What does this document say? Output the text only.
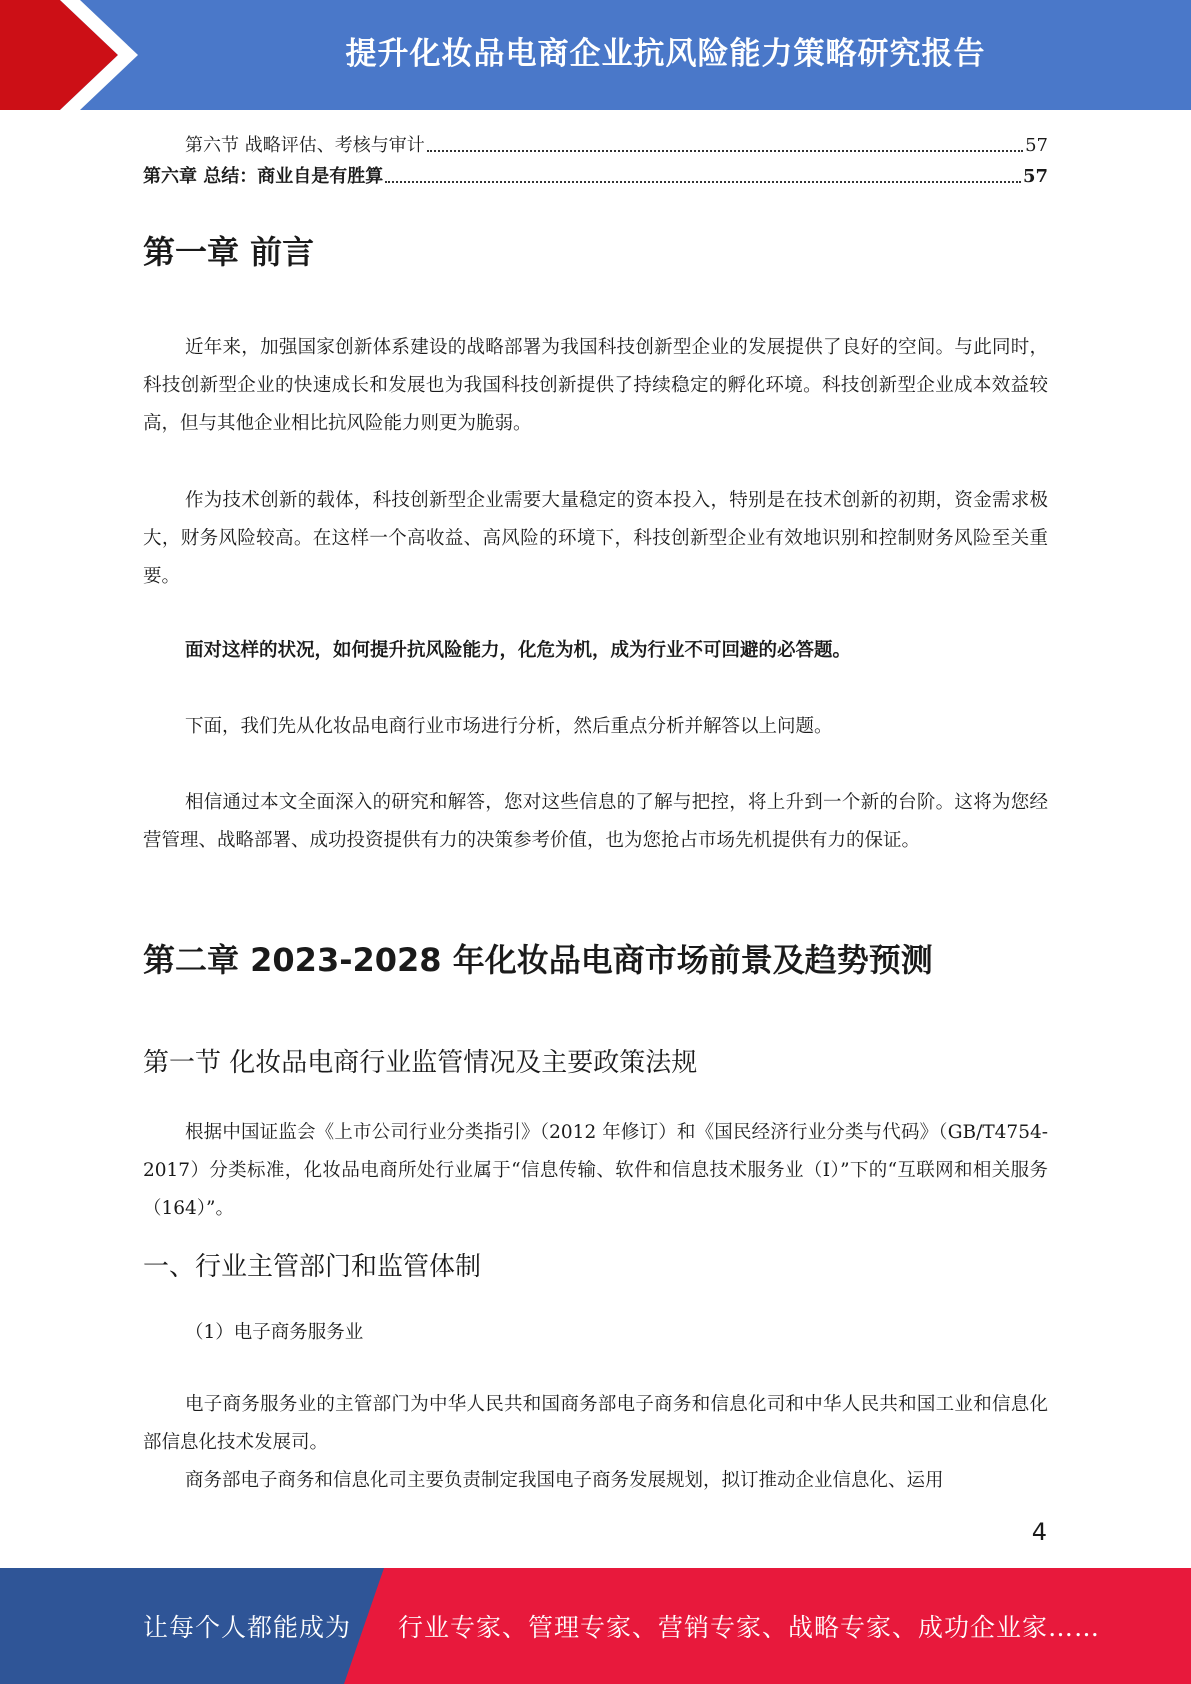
提升化妆品电商企业抗风险能力策略研究报告
第六节 战略评估、考核与审计	57
第六章 总结：商业自是有胜算	57
第一章 前言
近年来，加强国家创新体系建设的战略部署为我国科技创新型企业的发展提供了良好的空间。与此同时，科技创新型企业的快速成长和发展也为我国科技创新提供了持续稳定的孵化环境。科技创新型企业成本效益较高，但与其他企业相比抗风险能力则更为脆弱。
作为技术创新的载体，科技创新型企业需要大量稳定的资本投入，特别是在技术创新的初期，资金需求极大，财务风险较高。在这样一个高收益、高风险的环境下，科技创新型企业有效地识别和控制财务风险至关重要。
面对这样的状况，如何提升抗风险能力，化危为机，成为行业不可回避的必答题。
下面，我们先从化妆品电商行业市场进行分析，然后重点分析并解答以上问题。
相信通过本文全面深入的研究和解答，您对这些信息的了解与把控，将上升到一个新的台阶。这将为您经营管理、战略部署、成功投资提供有力的决策参考价值，也为您抢占市场先机提供有力的保证。
第二章 2023-2028 年化妆品电商市场前景及趋势预测
第一节 化妆品电商行业监管情况及主要政策法规
根据中国证监会《上市公司行业分类指引》（2012 年修订）和《国民经济行业分类与代码》（GB/T4754-2017）分类标准，化妆品电商所处行业属于“信息传输、软件和信息技术服务业（I）”下的“互联网和相关服务（164）”。
一、行业主管部门和监管体制
（1）电子商务服务业
电子商务服务业的主管部门为中华人民共和国商务部电子商务和信息化司和中华人民共和国工业和信息化部信息化技术发展司。
商务部电子商务和信息化司主要负责制定我国电子商务发展规划，拟订推动企业信息化、运用
4
让每个人都能成为 行业专家、管理专家、营销专家、战略专家、成功企业家……
